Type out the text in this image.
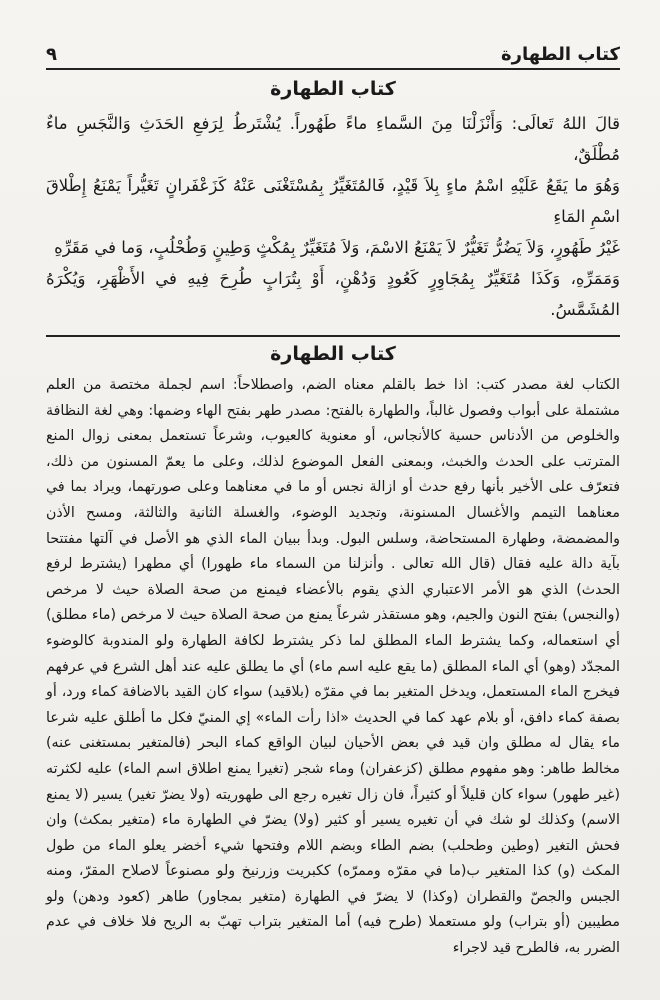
٩	كتاب الطهارة
كتاب الطهارة
قالَ اللهُ تَعالَى: وَأَنْزَلْنَا مِنَ السَّماءِ ماءً طَهُوراً. يُشْتَرطُ لِرَفعِ الحَدَثِ وَالنَّجَسِ ماءٌ مُطْلَقٌ،
وَهُوَ ما يَقَعُ عَلَيْهِ اسْمُ ماءٍ بِلاَ قَيْدٍ، فَالمُتَغَيِّرُ بِمُسْتَغْنَى عَنْهُ كَزَعْفَرانٍ تَغَيُّراً يَمْنَعُ إِطْلاقَ اسْمِ المَاءِ
غَيْرُ طَهُورٍ، وَلاَ يَضُرُّ تَغَيُّرٌ لاَ يَمْنَعُ الاسْمَ، وَلاَ مُتَغَيِّرٌ بِمُكْثٍ وَطِينٍ وَطُحْلُبٍ، وَما في مَقَرِّهِ
وَمَمَرِّهِ، وَكَذَا مُتَغَيِّرٌ بِمُجَاوِرٍ كَعُودٍ وَدُهْنٍ، أَوْ بِتُرَابٍ طُرِحَ فِيهِ في الأَظْهَرِ، وَيُكْرَهُ المُشَمَّسُ.
كتاب الطهارة

الكتاب لغة مصدر كتب: اذا خط بالقلم معناه الضم، واصطلاحاً: اسم لجملة مختصة من العلم مشتملة على أبواب وفصول غالباً، والطهارة بالفتح: مصدر طهر بفتح الهاء وضمها: وهي لغة النظافة والخلوص من الأدناس حسية كالأنجاس، أو معنوية كالعيوب، وشرعاً تستعمل بمعنى زوال المنع المترتب على الحدث والخبث، وبمعنى الفعل الموضوع لذلك، وعلى ما يعمّ المسنون من ذلك، فتعرّف على الأخير بأنها رفع حدث أو ازالة نجس أو ما في معناهما وعلى صورتهما، ويراد بما في معناهما التيمم والأغسال المسنونة، وتجديد الوضوء، والغسلة الثانية والثالثة، ومسح الأذن والمضمضة، وطهارة المستحاضة، وسلس البول. وبدأ ببيان الماء الذي هو الأصل في آلتها مفتتحا بآية دالة عليه فقال (قال الله تعالى . وأنزلنا من السماء ماء طهورا) أي مطهرا (يشترط لرفع الحدث) الذي هو الأمر الاعتباري الذي يقوم بالأعضاء فيمنع من صحة الصلاة حيث لا مرخص (والنجس) بفتح النون والجيم، وهو مستقذر شرعاً يمنع من صحة الصلاة حيث لا مرخص (ماء مطلق) أي استعماله، وكما يشترط الماء المطلق لما ذكر يشترط لكافة الطهارة ولو المندوبة كالوضوء المجدّد (وهو) أي الماء المطلق (ما يقع عليه اسم ماء) أي ما يطلق عليه عند أهل الشرع في عرفهم فيخرج الماء المستعمل، ويدخل المتغير بما في مقرّه (بلاقيد) سواء كان القيد بالاضافة كماء ورد، أو بصفة كماء دافق، أو بلام عهد كما في الحديث «اذا رأت الماء» إي المنيّ فكل ما أطلق عليه شرعا ماء يقال له مطلق وان قيد في بعض الأحيان لبيان الواقع كماء البحر (فالمتغير بمستغنى عنه) مخالط طاهر: وهو مفهوم مطلق (كزعفران) وماء شجر (تغيرا يمنع اطلاق اسم الماء) عليه لكثرته (غير طهور) سواء كان قليلاً أو كثيراً، فان زال تغيره رجع الى طهوريته (ولا يضرّ تغير) يسير (لا يمنع الاسم) وكذلك لو شك في أن تغيره يسير أو كثير (ولا) يضرّ في الطهارة ماء (متغير بمكث) وان فحش التغير (وطين وطحلب) بضم الطاء وبضم اللام وفتحها شيء أخضر يعلو الماء من طول المكث (و) كذا المتغير ب(ما في مقرّه وممرّه) ككبريت وزرنيخ ولو مصنوعاً لاصلاح المقرّ، ومنه الجبس والجصّ والقطران (وكذا) لا يضرّ في الطهارة (متغير بمجاور) طاهر (كعود ودهن) ولو مطيبين (أو بتراب) ولو مستعملا (طرح فيه) أما المتغير بتراب تهبّ به الريح فلا خلاف في عدم الضرر به، فالطرح قيد لاجراء
